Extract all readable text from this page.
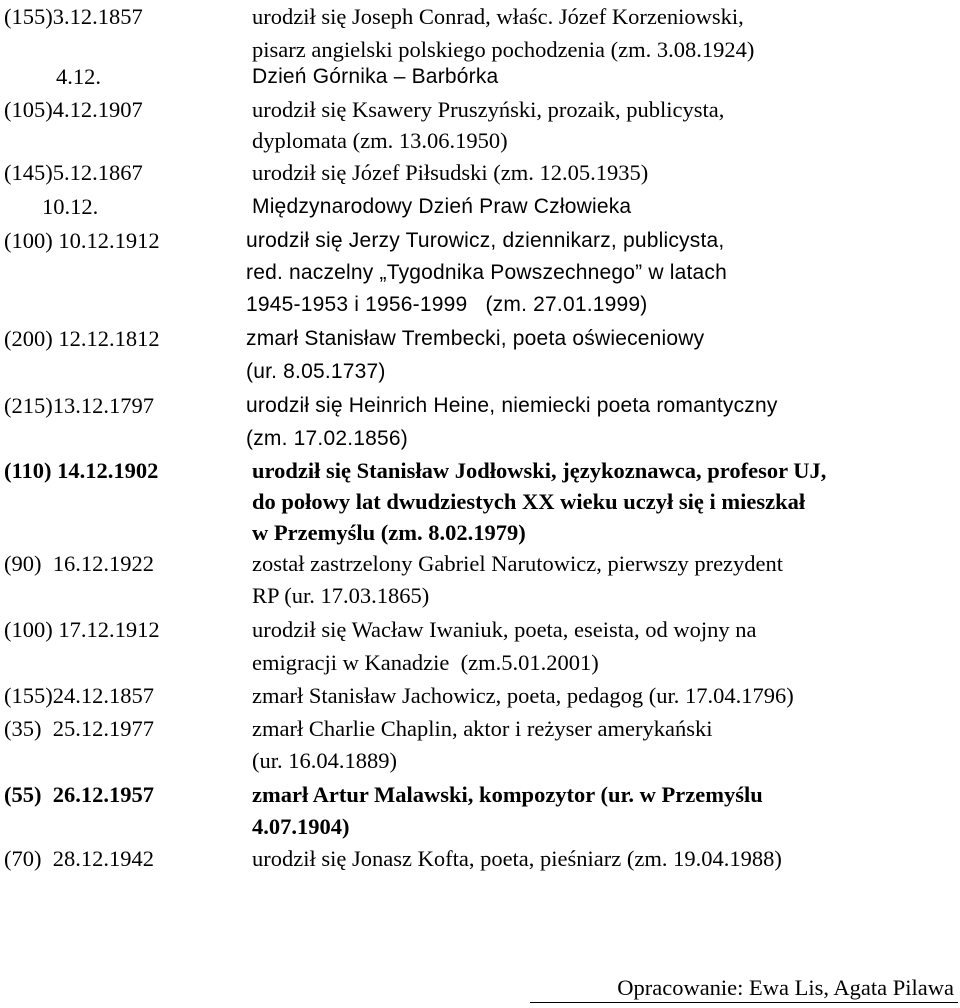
(155)3.12.1857	urodził się Joseph Conrad, właśc. Józef Korzeniowski,
pisarz angielski polskiego pochodzenia (zm. 3.08.1924)
4.12.	Dzień Górnika – Barbórka
(105)4.12.1907	urodził się Ksawery Pruszyński, prozaik, publicysta,
dyplomata (zm. 13.06.1950)
(145)5.12.1867	urodził się Józef Piłsudski (zm. 12.05.1935)
10.12.	Międzynarodowy Dzień Praw Człowieka
(100) 10.12.1912	urodził się Jerzy Turowicz, dziennikarz, publicysta,
red. naczelny „Tygodnika Powszechnego” w latach
1945-1953 i 1956-1999   (zm. 27.01.1999)
(200) 12.12.1812	zmarł Stanisław Trembecki, poeta oświeceniowy
(ur. 8.05.1737)
(215)13.12.1797	urodził się Heinrich Heine, niemiecki poeta romantyczny
(zm. 17.02.1856)
(110) 14.12.1902	urodził się Stanisław Jodłowski, językoznawca, profesor UJ,
do połowy lat dwudziestych XX wieku uczył się i mieszkał
w Przemyślu (zm. 8.02.1979)
(90)  16.12.1922	został zastrzelony Gabriel Narutowicz, pierwszy prezydent
RP (ur. 17.03.1865)
(100) 17.12.1912	urodził się Wacław Iwaniuk, poeta, eseista, od wojny na
emigracji w Kanadzie  (zm.5.01.2001)
(155)24.12.1857	zmarł Stanisław Jachowicz, poeta, pedagog (ur. 17.04.1796)
(35)  25.12.1977	zmarł Charlie Chaplin, aktor i reżyser amerykański
(ur. 16.04.1889)
(55)  26.12.1957	zmarł Artur Malawski, kompozytor (ur. w Przemyślu
4.07.1904)
(70)  28.12.1942	urodził się Jonasz Kofta, poeta, pieśniarz (zm. 19.04.1988)
Opracowanie: Ewa Lis, Agata Pilawa
